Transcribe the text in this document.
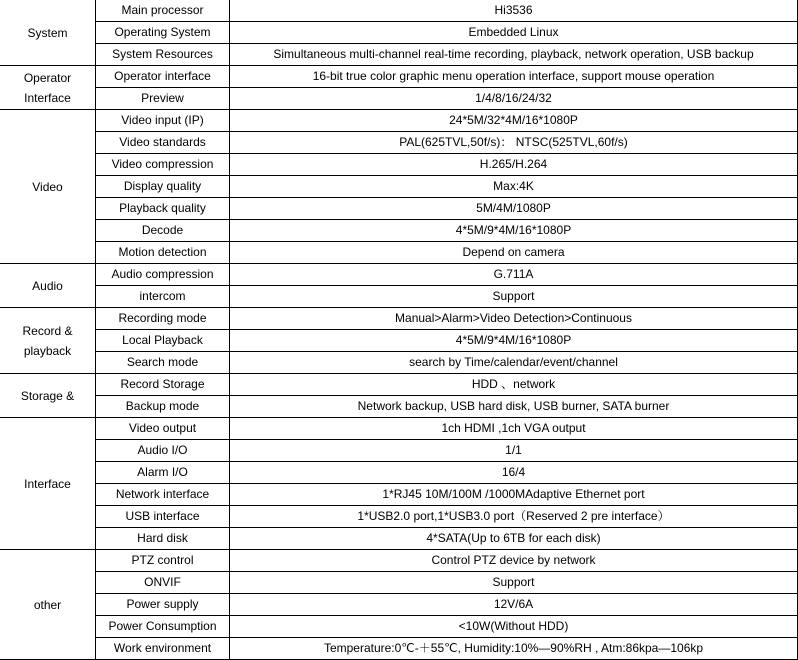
System	Main processor	Hi3536
	Operating System	Embedded Linux
	System Resources	Simultaneous multi-channel real-time recording, playback, network operation, USB backup
Operator Interface	Operator interface	16-bit true color graphic menu operation interface, support mouse operation
	Preview	1/4/8/16/24/32
Video	Video input (IP)	24*5M/32*4M/16*1080P
	Video standards	PAL(625TVL,50f/s)： NTSC(525TVL,60f/s)
	Video compression	H.265/H.264
	Display quality	Max:4K
	Playback quality	5M/4M/1080P
	Decode	4*5M/9*4M/16*1080P
	Motion detection	Depend on camera
Audio	Audio compression	G.711A
	intercom	Support
Record & playback	Recording mode	Manual>Alarm>Video Detection>Continuous
	Local Playback	4*5M/9*4M/16*1080P
	Search mode	search by Time/calendar/event/channel
Storage &	Record Storage	HDD 、network
	Backup mode	Network backup, USB hard disk, USB burner, SATA burner
Interface	Video output	1ch HDMI ,1ch VGA output
	Audio I/O	1/1
	Alarm I/O	16/4
	Network interface	1*RJ45 10M/100M /1000MAdaptive Ethernet port
	USB interface	1*USB2.0 port,1*USB3.0 port（Reserved 2 pre interface）
	Hard disk	4*SATA(Up to 6TB for each disk)
other	PTZ control	Control PTZ device by network
	ONVIF	Support
	Power supply	12V/6A
	Power Consumption	<10W(Without HDD)
	Work environment	Temperature:0℃-＋55℃, Humidity:10%—90%RH , Atm:86kpa—106kp
